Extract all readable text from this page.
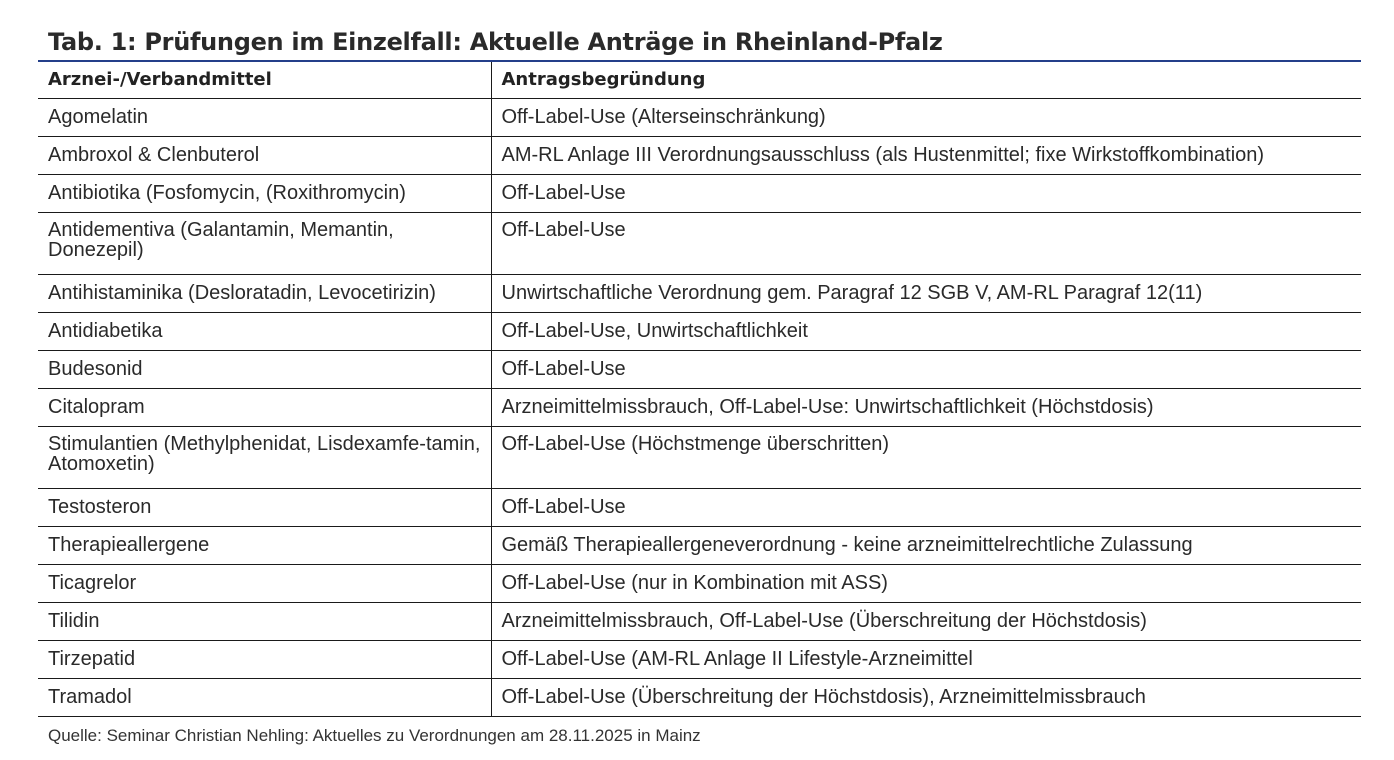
Tab. 1: Prüfungen im Einzelfall: Aktuelle Anträge in Rheinland-Pfalz
Arznei-/Verbandmittel	Antragsbegründung
Agomelatin	Off-Label-Use (Alterseinschränkung)
Ambroxol & Clenbuterol	AM-RL Anlage III Verordnungsausschluss (als Hustenmittel; fixe Wirkstoffkombination)
Antibiotika (Fosfomycin, (Roxithromycin)	Off-Label-Use
Antidementiva (Galantamin, Memantin, Donezepil)	Off-Label-Use
Antihistaminika (Desloratadin, Levocetirizin)	Unwirtschaftliche Verordnung gem. Paragraf 12 SGB V, AM-RL Paragraf 12(11)
Antidiabetika	Off-Label-Use, Unwirtschaftlichkeit
Budesonid	Off-Label-Use
Citalopram	Arzneimittelmissbrauch, Off-Label-Use: Unwirtschaftlichkeit (Höchstdosis)
Stimulantien (Methylphenidat, Lisdexamfe-tamin, Atomoxetin)	Off-Label-Use (Höchstmenge überschritten)
Testosteron	Off-Label-Use
Therapieallergene	Gemäß Therapieallergeneverordnung - keine arzneimittelrechtliche Zulassung
Ticagrelor	Off-Label-Use (nur in Kombination mit ASS)
Tilidin	Arzneimittelmissbrauch, Off-Label-Use (Überschreitung der Höchstdosis)
Tirzepatid	Off-Label-Use (AM-RL Anlage II Lifestyle-Arzneimittel
Tramadol	Off-Label-Use (Überschreitung der Höchstdosis), Arzneimittelmissbrauch
Quelle: Seminar Christian Nehling: Aktuelles zu Verordnungen am 28.11.2025 in Mainz
